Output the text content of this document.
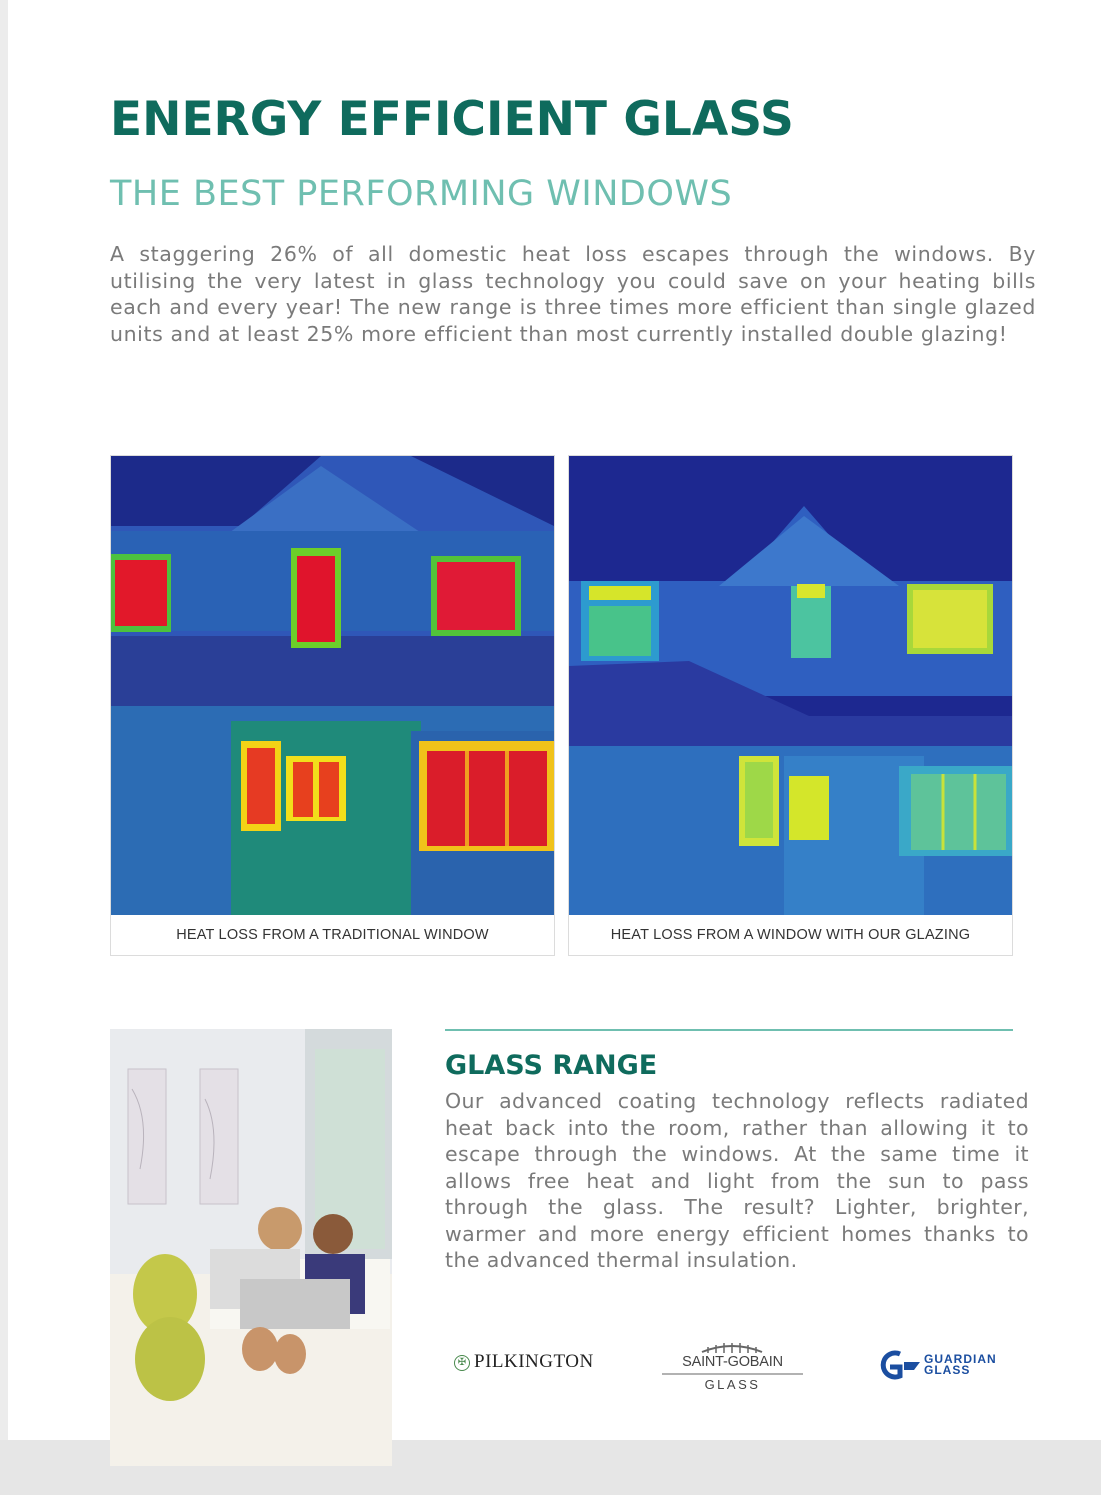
ENERGY EFFICIENT GLASS
THE BEST PERFORMING WINDOWS

A staggering 26% of all domestic heat loss escapes through the windows. By utilising the very latest in glass technology you could save on your heating bills each and every year! The new range is three times more efficient than single glazed units and at least 25% more efficient than most currently installed double glazing!

HEAT LOSS FROM A TRADITIONAL WINDOW	HEAT LOSS FROM A WINDOW WITH OUR GLAZING
GLASS RANGE

Our advanced coating technology reflects radiated heat back into the room, rather than allowing it to escape through the windows. At the same time it allows free heat and light from the sun to pass through the glass. The result? Lighter, brighter, warmer and more energy efficient homes thanks to the advanced thermal insulation.

✠ PILKINGTON	SAINT-GOBAIN
GLASS
GUARDIAN
GLASS
